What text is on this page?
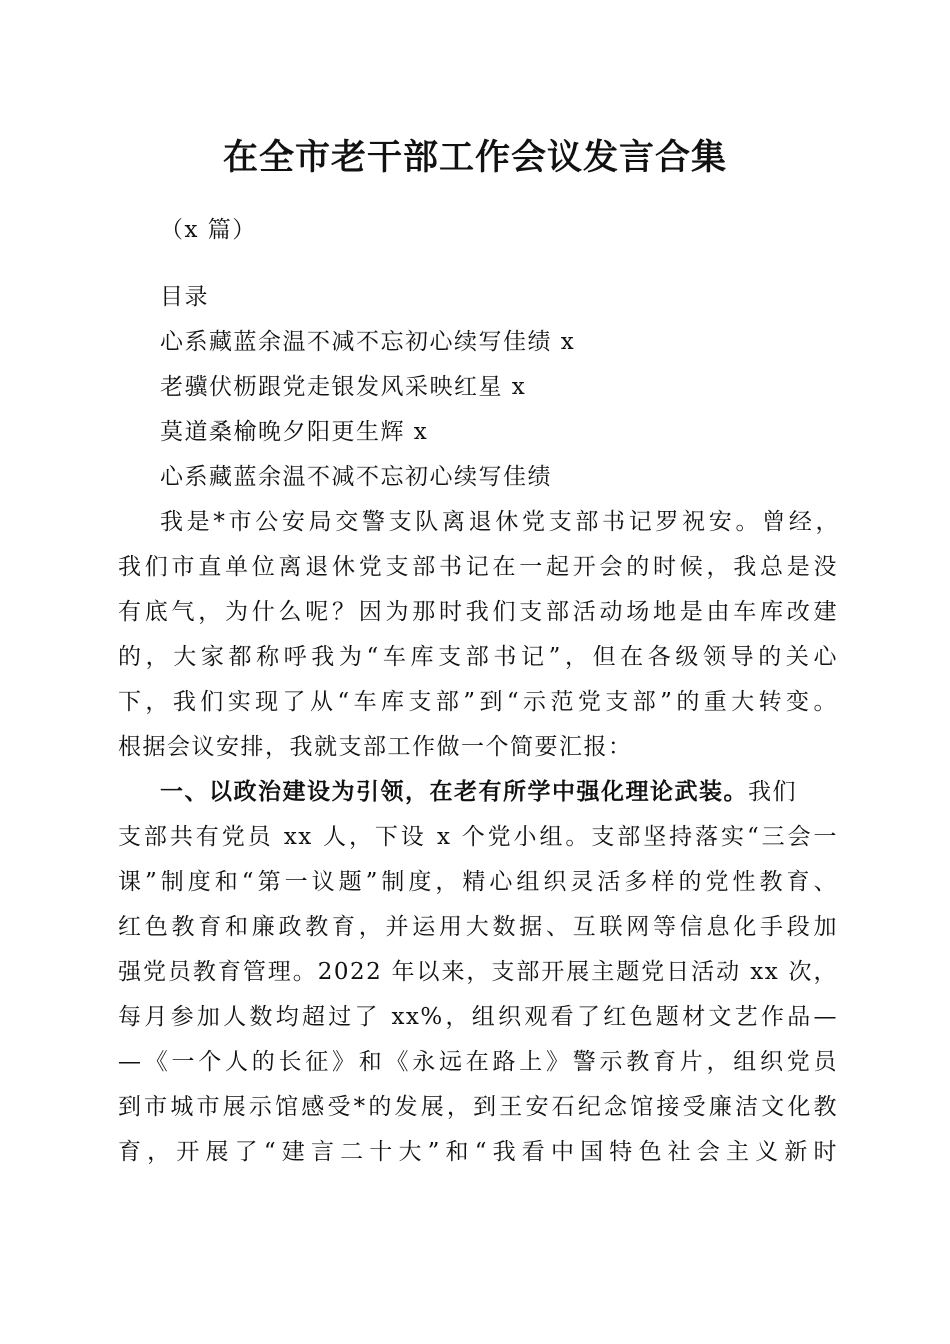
在全市老干部工作会议发言合集

（x 篇）

目录

心系藏蓝余温不减不忘初心续写佳绩 x

老骥伏枥跟党走银发风采映红星 x

莫道桑榆晚夕阳更生辉 x

心系藏蓝余温不减不忘初心续写佳绩

我是*市公安局交警支队离退休党支部书记罗祝安。曾经，

我们市直单位离退休党支部书记在一起开会的时候，我总是没

有底气，为什么呢？因为那时我们支部活动场地是由车库改建

的，大家都称呼我为“车库支部书记”，但在各级领导的关心

下，我们实现了从“车库支部”到“示范党支部”的重大转变。

根据会议安排，我就支部工作做一个简要汇报：

一、以政治建设为引领，在老有所学中强化理论武装。我们

支部共有党员 xx 人，下设 x 个党小组。支部坚持落实“三会一

课”制度和“第一议题”制度，精心组织灵活多样的党性教育、

红色教育和廉政教育，并运用大数据、互联网等信息化手段加

强党员教育管理。2022 年以来，支部开展主题党日活动 xx 次，

每月参加人数均超过了 xx%，组织观看了红色题材文艺作品—

—《一个人的长征》和《永远在路上》警示教育片，组织党员

到市城市展示馆感受*的发展，到王安石纪念馆接受廉洁文化教

育，开展了“建言二十大”和“我看中国特色社会主义新时
